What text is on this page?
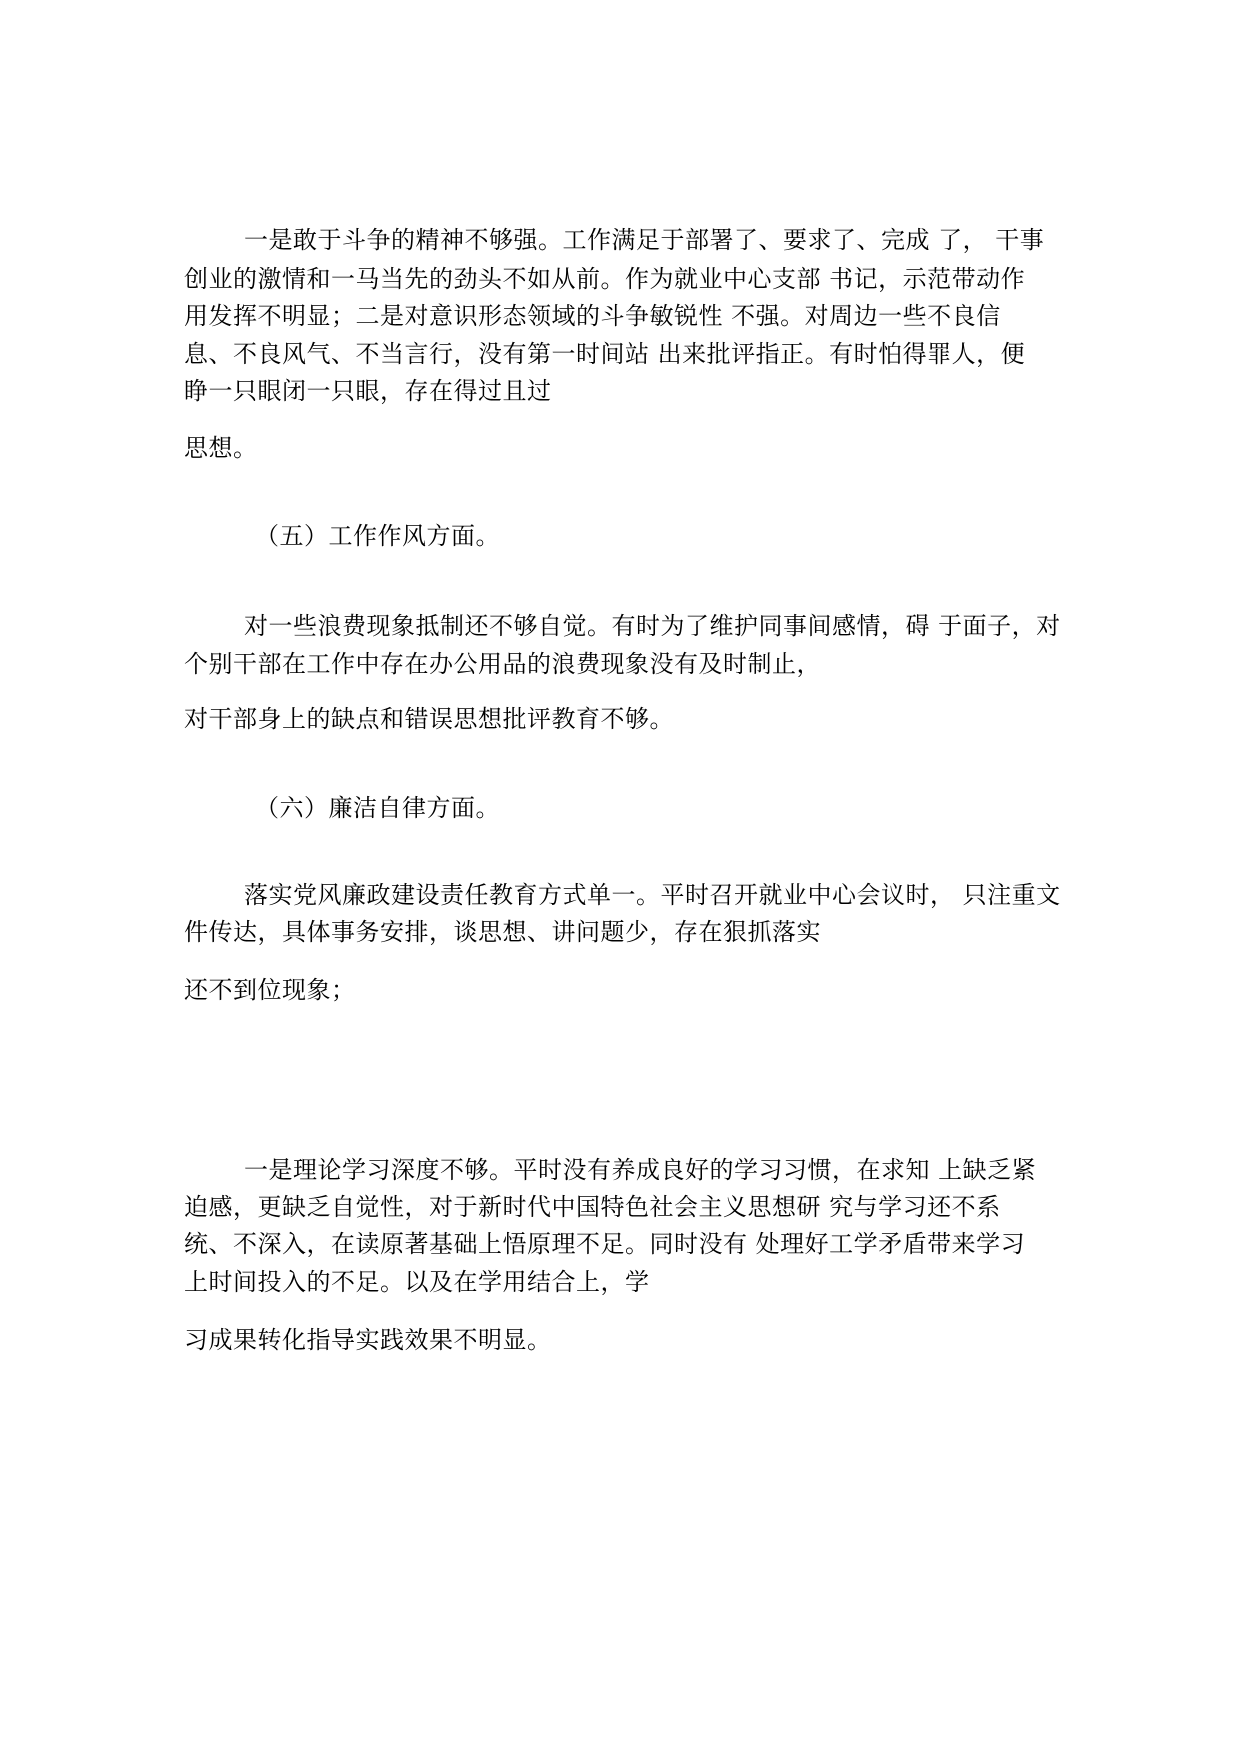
一是敢于斗争的精神不够强。工作满足于部署了、要求了、完成 了， 干事
创业的激情和一马当先的劲头不如从前。作为就业中心支部 书记，示范带动作
用发挥不明显；二是对意识形态领域的斗争敏锐性 不强。对周边一些不良信
息、不良风气、不当言行，没有第一时间站 出来批评指正。有时怕得罪人，便
睁一只眼闭一只眼，存在得过且过
思想。
（五）工作作风方面。
对一些浪费现象抵制还不够自觉。有时为了维护同事间感情，碍 于面子，对
个别干部在工作中存在办公用品的浪费现象没有及时制止，
对干部身上的缺点和错误思想批评教育不够。
（六）廉洁自律方面。
落实党风廉政建设责任教育方式单一。平时召开就业中心会议时， 只注重文
件传达，具体事务安排，谈思想、讲问题少，存在狠抓落实
还不到位现象；
一是理论学习深度不够。平时没有养成良好的学习习惯，在求知 上缺乏紧
迫感，更缺乏自觉性，对于新时代中国特色社会主义思想研 究与学习还不系
统、不深入，在读原著基础上悟原理不足。同时没有 处理好工学矛盾带来学习
上时间投入的不足。以及在学用结合上，学
习成果转化指导实践效果不明显。
